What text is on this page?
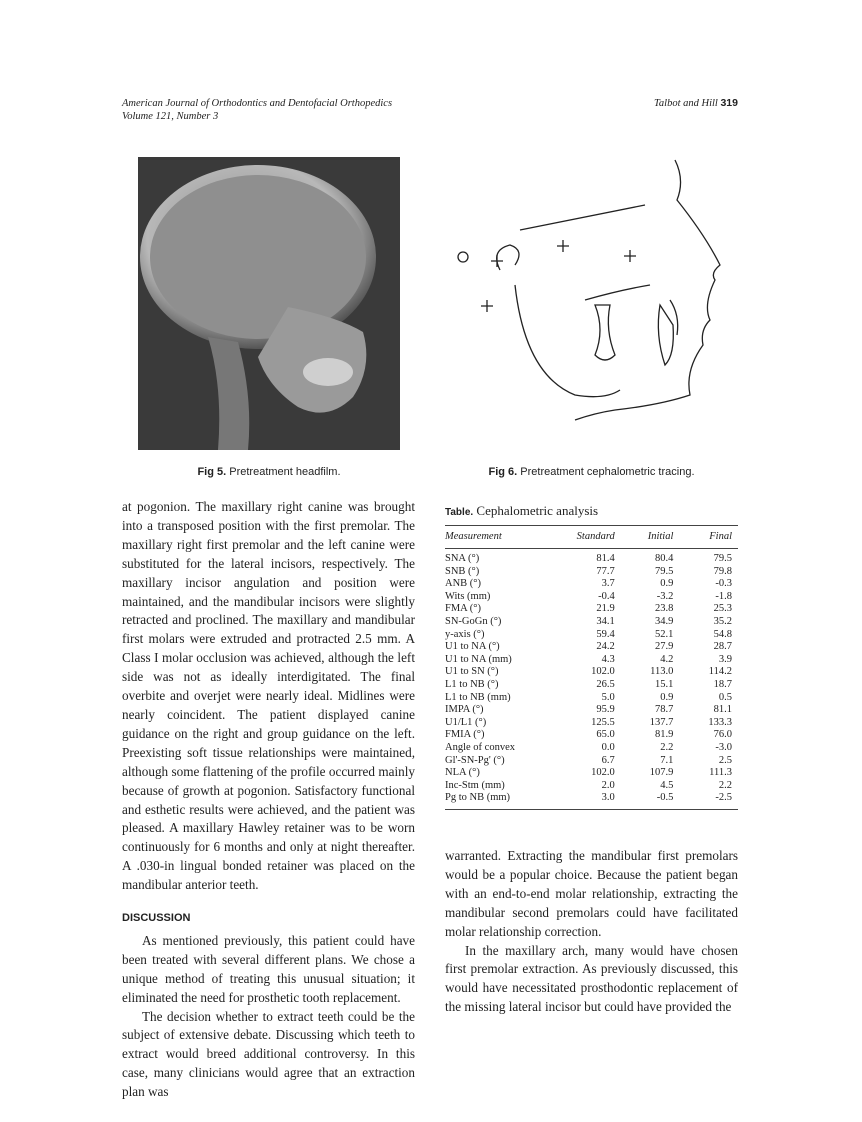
American Journal of Orthodontics and Dentofacial Orthopedics
Volume 121, Number 3
Talbot and Hill 319
Fig 5. Pretreatment headfilm.	Fig 6. Pretreatment cephalometric tracing.

at pogonion. The maxillary right canine was brought into a transposed position with the first premolar. The maxillary right first premolar and the left canine were substituted for the lateral incisors, respectively. The maxillary incisor angulation and position were maintained, and the mandibular incisors were slightly retracted and proclined. The maxillary and mandibular first molars were extruded and protracted 2.5 mm. A Class I molar occlusion was achieved, although the left side was not as ideally interdigitated. The final overbite and overjet were nearly ideal. Midlines were nearly coincident. The patient displayed canine guidance on the right and group guidance on the left. Preexisting soft tissue relationships were maintained, although some flattening of the profile occurred mainly because of growth at pogonion. Satisfactory functional and esthetic results were achieved, and the patient was pleased. A maxillary Hawley retainer was to be worn continuously for 6 months and only at night thereafter. A .030-in lingual bonded retainer was placed on the mandibular anterior teeth.

DISCUSSION

As mentioned previously, this patient could have been treated with several different plans. We chose a unique method of treating this unusual situation; it eliminated the need for prosthetic tooth replacement.

The decision whether to extract teeth could be the subject of extensive debate. Discussing which teeth to extract would breed additional controversy. In this case, many clinicians would agree that an extraction plan was

Table. Cephalometric analysis
Measurement	Standard	Initial	Final
SNA (°)	81.4	80.4	79.5
SNB (°)	77.7	79.5	79.8
ANB (°)	3.7	0.9	-0.3
Wits (mm)	-0.4	-3.2	-1.8
FMA (°)	21.9	23.8	25.3
SN-GoGn (°)	34.1	34.9	35.2
y-axis (°)	59.4	52.1	54.8
U1 to NA (°)	24.2	27.9	28.7
U1 to NA (mm)	4.3	4.2	3.9
U1 to SN (°)	102.0	113.0	114.2
L1 to NB (°)	26.5	15.1	18.7
L1 to NB (mm)	5.0	0.9	0.5
IMPA (°)	95.9	78.7	81.1
U1/L1 (°)	125.5	137.7	133.3
FMIA (°)	65.0	81.9	76.0
Angle of convex	0.0	2.2	-3.0
Gl'-SN-Pg' (°)	6.7	7.1	2.5
NLA (°)	102.0	107.9	111.3
Inc-Stm (mm)	2.0	4.5	2.2
Pg to NB (mm)	3.0	-0.5	-2.5

warranted. Extracting the mandibular first premolars would be a popular choice. Because the patient began with an end-to-end molar relationship, extracting the mandibular second premolars could have facilitated molar relationship correction.

In the maxillary arch, many would have chosen first premolar extraction. As previously discussed, this would have necessitated prosthodontic replacement of the missing lateral incisor but could have provided the
